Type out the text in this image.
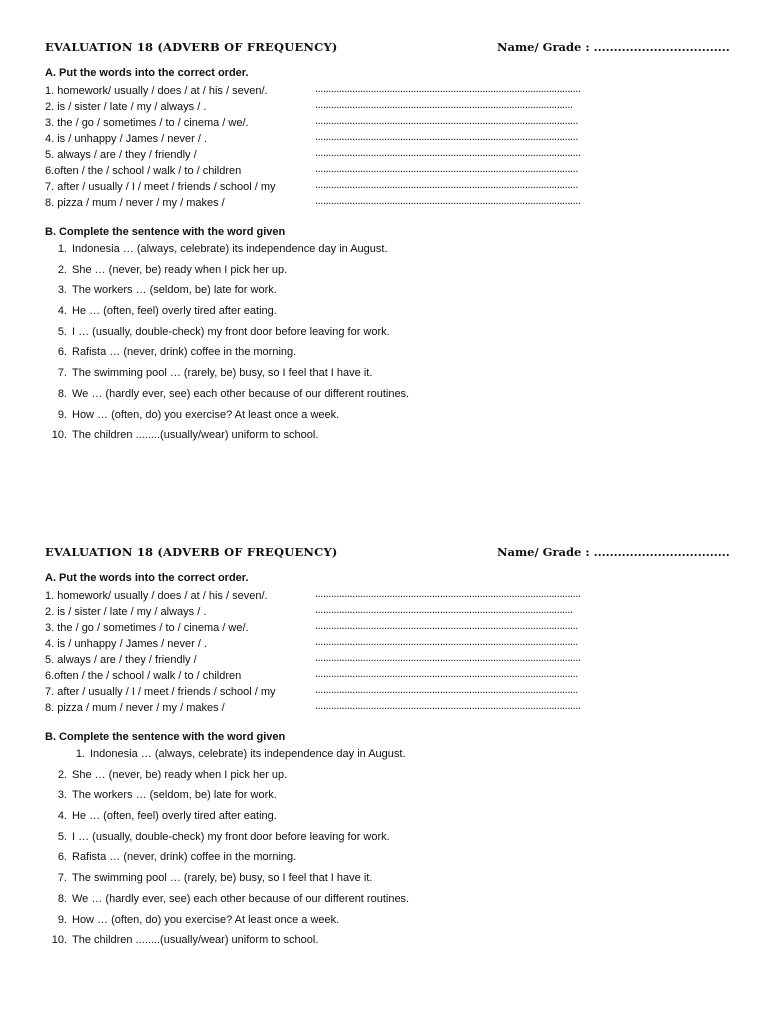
EVALUATION 18 (ADVERB OF FREQUENCY)	Name/ Grade : ..................................
A. Put the words into the correct order.
1. homework/ usually / does / at / his / seven/.	....................................................................................................
2. is / sister / late / my / always / .	.................................................................................................
3. the / go / sometimes / to / cinema / we/.	...................................................................................................
4. is / unhappy / James / never / .	...................................................................................................
5. always / are / they / friendly /	....................................................................................................
6.often / the / school / walk / to / children	...................................................................................................
7. after / usually / I / meet / friends / school / my	...................................................................................................
8. pizza / mum / never / my / makes /	....................................................................................................
B. Complete the sentence with the word given
1. Indonesia … (always, celebrate) its independence day in August.
2. She … (never, be) ready when I pick her up.
3. The workers … (seldom, be) late for work.
4. He … (often, feel) overly tired after eating.
5. I … (usually, double-check) my front door before leaving for work.
6. Rafista … (never, drink) coffee in the morning.
7. The swimming pool … (rarely, be) busy, so I feel that I have it.
8. We … (hardly ever, see) each other because of our different routines.
9. How … (often, do) you exercise? At least once a week.
10. The children ........(usually/wear) uniform to school.
EVALUATION 18 (ADVERB OF FREQUENCY)	Name/ Grade : ..................................
A. Put the words into the correct order.
1. homework/ usually / does / at / his / seven/.	....................................................................................................
2. is / sister / late / my / always / .	.................................................................................................
3. the / go / sometimes / to / cinema / we/.	...................................................................................................
4. is / unhappy / James / never / .	...................................................................................................
5. always / are / they / friendly /	....................................................................................................
6.often / the / school / walk / to / children	...................................................................................................
7. after / usually / I / meet / friends / school / my	...................................................................................................
8. pizza / mum / never / my / makes /	....................................................................................................
B. Complete the sentence with the word given
1. Indonesia … (always, celebrate) its independence day in August.
2. She … (never, be) ready when I pick her up.
3. The workers … (seldom, be) late for work.
4. He … (often, feel) overly tired after eating.
5. I … (usually, double-check) my front door before leaving for work.
6. Rafista … (never, drink) coffee in the morning.
7. The swimming pool … (rarely, be) busy, so I feel that I have it.
8. We … (hardly ever, see) each other because of our different routines.
9. How … (often, do) you exercise? At least once a week.
10. The children ........(usually/wear) uniform to school.
